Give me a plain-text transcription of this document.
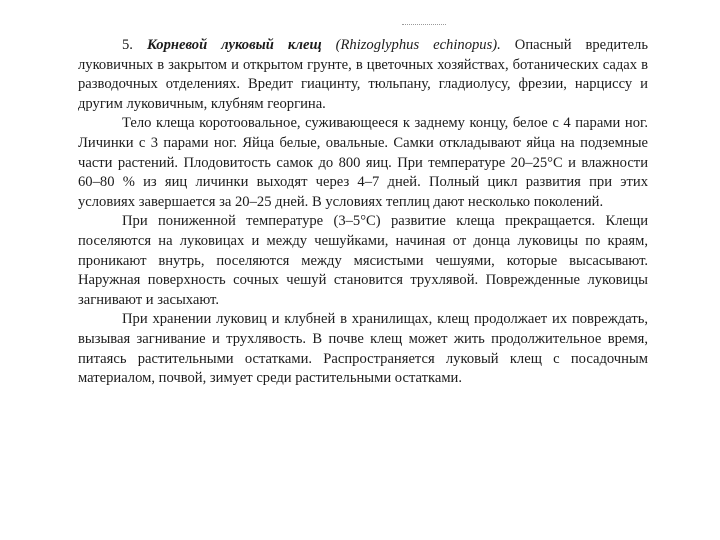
5. Корневой луковый клещ (Rhizoglyphus echinopus). Опасный вредитель луковичных в закрытом и открытом грунте, в цветочных хозяйствах, ботанических садах в разводочных отделениях. Вредит гиацинту, тюльпану, гладиолусу, фрезии, нарциссу и другим луковичным, клубням георгина.

Тело клеща коротоовальное, суживающееся к заднему концу, белое с 4 парами ног. Личинки с 3 парами ног. Яйца белые, овальные. Самки откладывают яйца на подземные части растений. Плодовитость самок до 800 яиц. При температуре 20–25°С и влажности 60–80 % из яиц личинки выходят через 4–7 дней. Полный цикл развития при этих условиях завершается за 20–25 дней. В условиях теплиц дают несколько поколений.

При пониженной температуре (3–5°С) развитие клеща прекращается. Клещи поселяются на луковицах и между чешуйками, начиная от донца луковицы по краям, проникают внутрь, поселяются между мясистыми чешуями, которые высасывают. Наружная поверхность сочных чешуй становится трухлявой. Поврежденные луковицы загнивают и засыхают.

При хранении луковиц и клубней в хранилищах, клещ продолжает их повреждать, вызывая загнивание и трухлявость. В почве клещ может жить продолжительное время, питаясь растительными остатками. Распространяется луковый клещ с посадочным материалом, почвой, зимует среди растительными остатками.
